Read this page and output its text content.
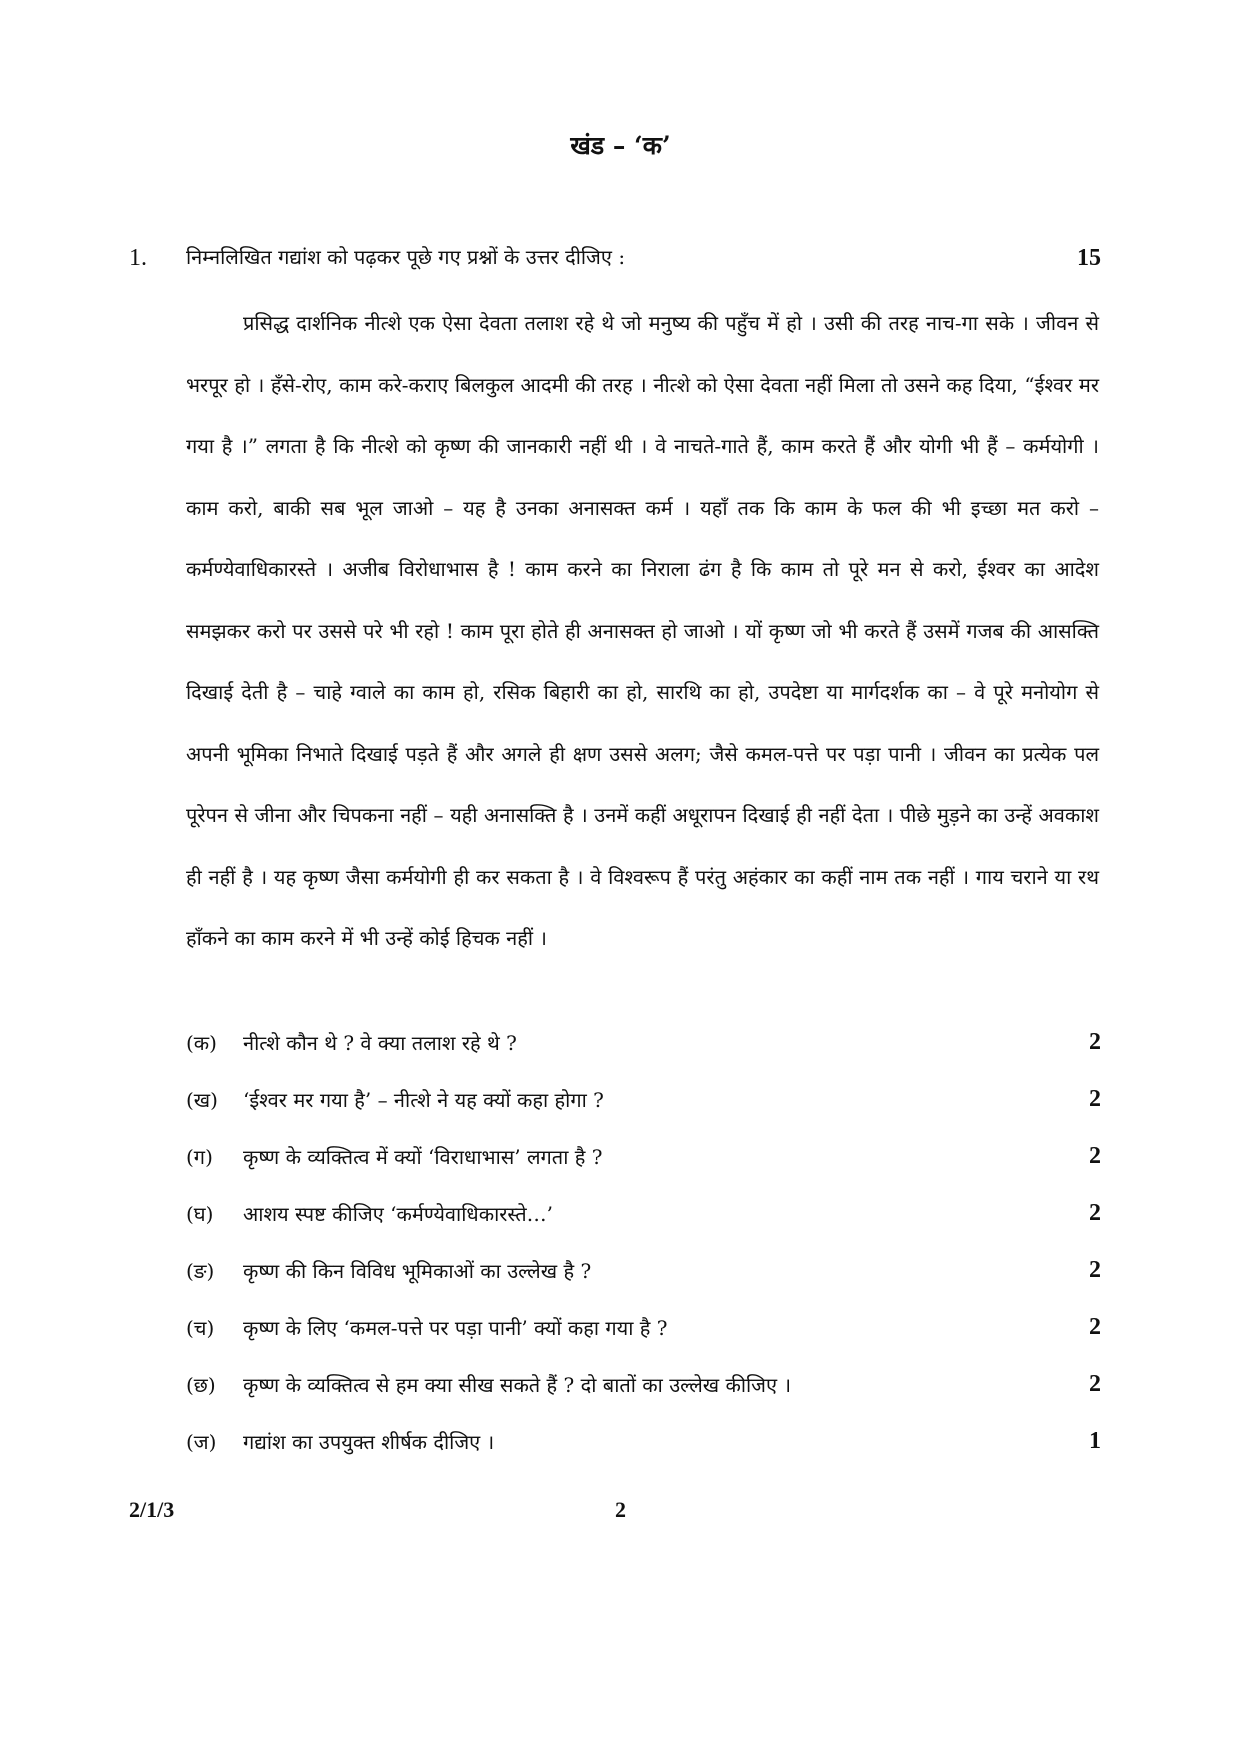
खंड – ‘क’
1. निम्नलिखित गद्यांश को पढ़कर पूछे गए प्रश्नों के उत्तर दीजिए :	15

प्रसिद्ध दार्शनिक नीत्शे एक ऐसा देवता तलाश रहे थे जो मनुष्य की पहुँच में हो । उसी की तरह नाच-गा सके । जीवन से भरपूर हो । हँसे-रोए, काम करे-कराए बिलकुल आदमी की तरह । नीत्शे को ऐसा देवता नहीं मिला तो उसने कह दिया, “ईश्वर मर गया है ।” लगता है कि नीत्शे को कृष्ण की जानकारी नहीं थी । वे नाचते-गाते हैं, काम करते हैं और योगी भी हैं – कर्मयोगी । काम करो, बाकी सब भूल जाओ – यह है उनका अनासक्त कर्म । यहाँ तक कि काम के फल की भी इच्छा मत करो – कर्मण्येवाधिकारस्ते । अजीब विरोधाभास है ! काम करने का निराला ढंग है कि काम तो पूरे मन से करो, ईश्वर का आदेश समझकर करो पर उससे परे भी रहो ! काम पूरा होते ही अनासक्त हो जाओ । यों कृष्ण जो भी करते हैं उसमें गजब की आसक्ति दिखाई देती है – चाहे ग्वाले का काम हो, रसिक बिहारी का हो, सारथि का हो, उपदेष्टा या मार्गदर्शक का – वे पूरे मनोयोग से अपनी भूमिका निभाते दिखाई पड़ते हैं और अगले ही क्षण उससे अलग; जैसे कमल-पत्ते पर पड़ा पानी । जीवन का प्रत्येक पल पूरेपन से जीना और चिपकना नहीं – यही अनासक्ति है । उनमें कहीं अधूरापन दिखाई ही नहीं देता । पीछे मुड़ने का उन्हें अवकाश ही नहीं है । यह कृष्ण जैसा कर्मयोगी ही कर सकता है । वे विश्वरूप हैं परंतु अहंकार का कहीं नाम तक नहीं । गाय चराने या रथ हाँकने का काम करने में भी उन्हें कोई हिचक नहीं ।

(क) नीत्शे कौन थे ? वे क्या तलाश रहे थे ?	2
(ख) ‘ईश्वर मर गया है’ – नीत्शे ने यह क्यों कहा होगा ?	2
(ग) कृष्ण के व्यक्तित्व में क्यों ‘विराधाभास’ लगता है ?	2
(घ) आशय स्पष्ट कीजिए ‘कर्मण्येवाधिकारस्ते…’	2
(ङ) कृष्ण की किन विविध भूमिकाओं का उल्लेख है ?	2
(च) कृष्ण के लिए ‘कमल-पत्ते पर पड़ा पानी’ क्यों कहा गया है ?	2
(छ) कृष्ण के व्यक्तित्व से हम क्या सीख सकते हैं ? दो बातों का उल्लेख कीजिए ।	2
(ज) गद्यांश का उपयुक्त शीर्षक दीजिए ।	1
2/1/3	2
